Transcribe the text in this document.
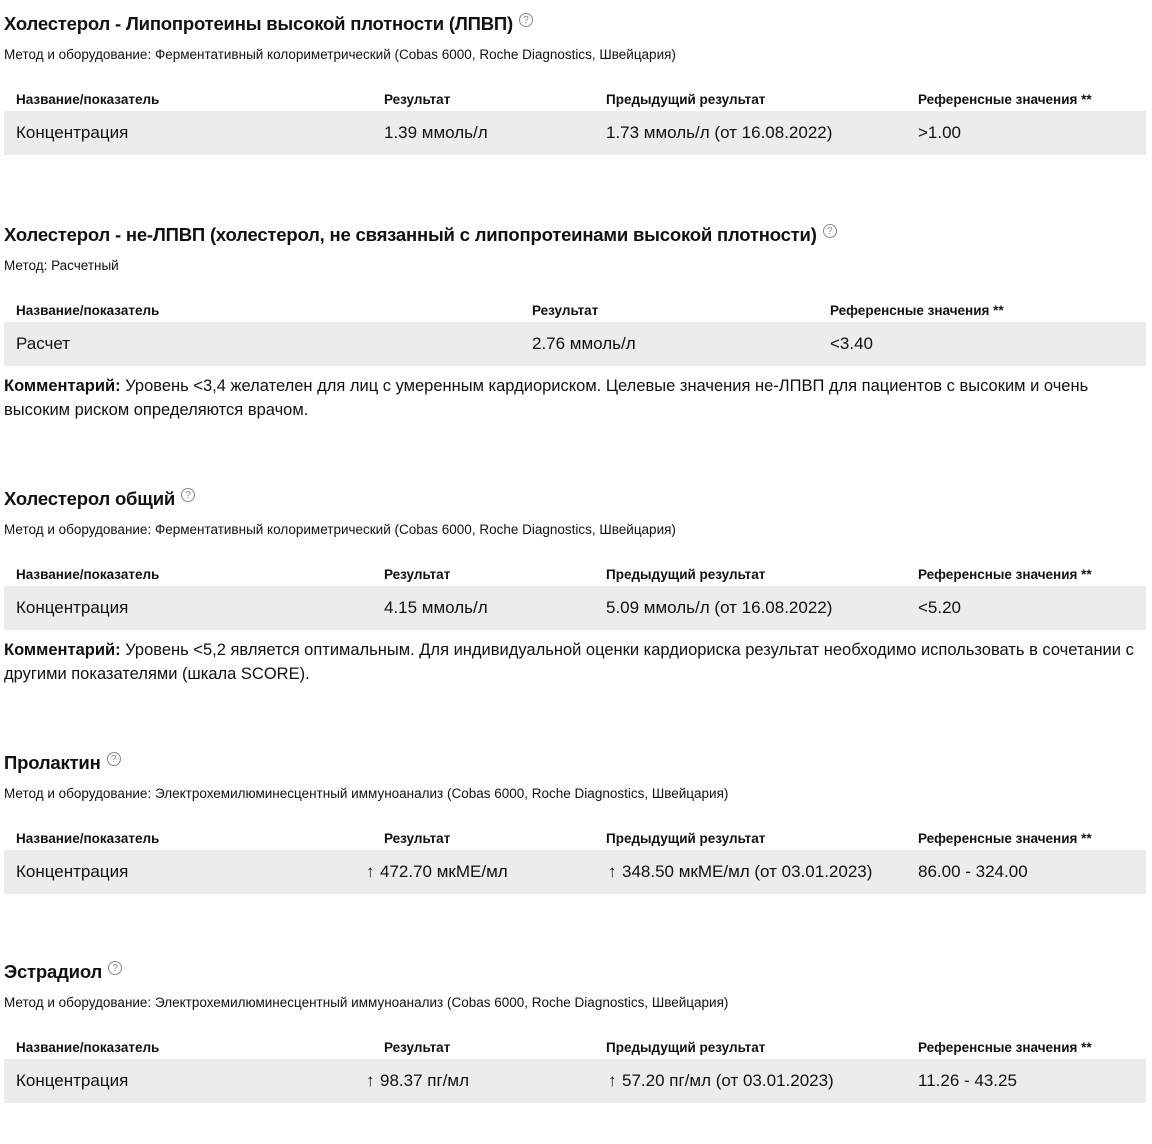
Холестерол - Липопротеины высокой плотности (ЛПВП)	?
Метод и оборудование: Ферментативный колориметрический (Cobas 6000, Roche Diagnostics, Швейцария)
Название/показатель	Результат	Предыдущий результат	Референсные значения **
Концентрация	1.39 ммоль/л	1.73 ммоль/л (от 16.08.2022)	>1.00
Холестерол - не-ЛПВП (холестерол, не связанный с липопротеинами высокой плотности)	?
Метод: Расчетный
Название/показатель	Результат	Референсные значения **
Расчет	2.76 ммоль/л	<3.40
Комментарий: Уровень <3,4 желателен для лиц с умеренным кардиориском. Целевые значения не-ЛПВП для пациентов с высоким и очень высоким риском определяются врачом.
Холестерол общий	?
Метод и оборудование: Ферментативный колориметрический (Cobas 6000, Roche Diagnostics, Швейцария)
Название/показатель	Результат	Предыдущий результат	Референсные значения **
Концентрация	4.15 ммоль/л	5.09 ммоль/л (от 16.08.2022)	<5.20
Комментарий: Уровень <5,2 является оптимальным. Для индивидуальной оценки кардиориска результат необходимо использовать в сочетании с другими показателями (шкала SCORE).
Пролактин	?
Метод и оборудование: Электрохемилюминесцентный иммуноанализ (Cobas 6000, Roche Diagnostics, Швейцария)
Название/показатель	Результат	Предыдущий результат	Референсные значения **
Концентрация	↑ 472.70 мкМЕ/мл	↑ 348.50 мкМЕ/мл (от 03.01.2023)	86.00 - 324.00
Эстрадиол	?
Метод и оборудование: Электрохемилюминесцентный иммуноанализ (Cobas 6000, Roche Diagnostics, Швейцария)
Название/показатель	Результат	Предыдущий результат	Референсные значения **
Концентрация	↑ 98.37 пг/мл	↑ 57.20 пг/мл (от 03.01.2023)	11.26 - 43.25
